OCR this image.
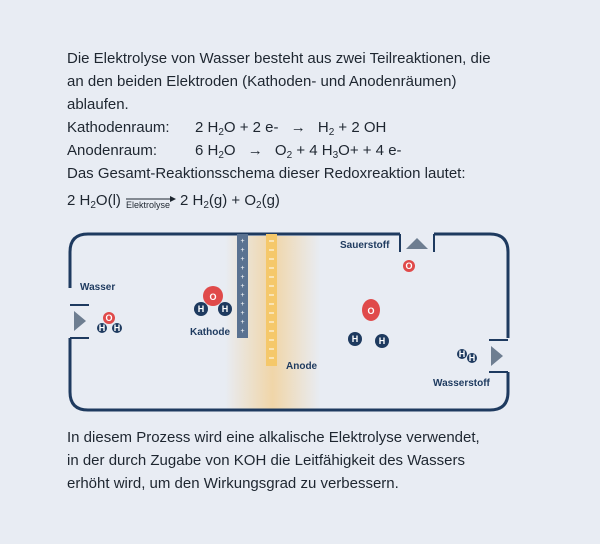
Die Elektrolyse von Wasser besteht aus zwei Teilreaktionen, die
an den beiden Elektroden (Kathoden- und Anodenräumen)
ablaufen.
Kathodenraum: 2 $H_2O + 2$ $e- \to H_2 + 2$ OH
Anodenraum:	6 $H_2O \to O_2 + 4$ $H_3O+ + 4$ e-
Das Gesamt-Reaktionsschema dieser Redoxreaktion lautet:
2 $H_2O(l)$ Elektrolyse 2 $H_2(g) + O_2(g)$
+
+
+
+
+
+
+
+
+
+
+
Wasser
Kathode
Anode
Sauerstoff
Wasserstoff
O
H H
O
H H	O
H H
O
H H
In diesem Prozess wird eine alkalische Elektrolyse verwendet,
in der durch Zugabe von KOH die Leitfähigkeit des Wassers
erhöht wird, um den Wirkungsgrad zu verbessern.
